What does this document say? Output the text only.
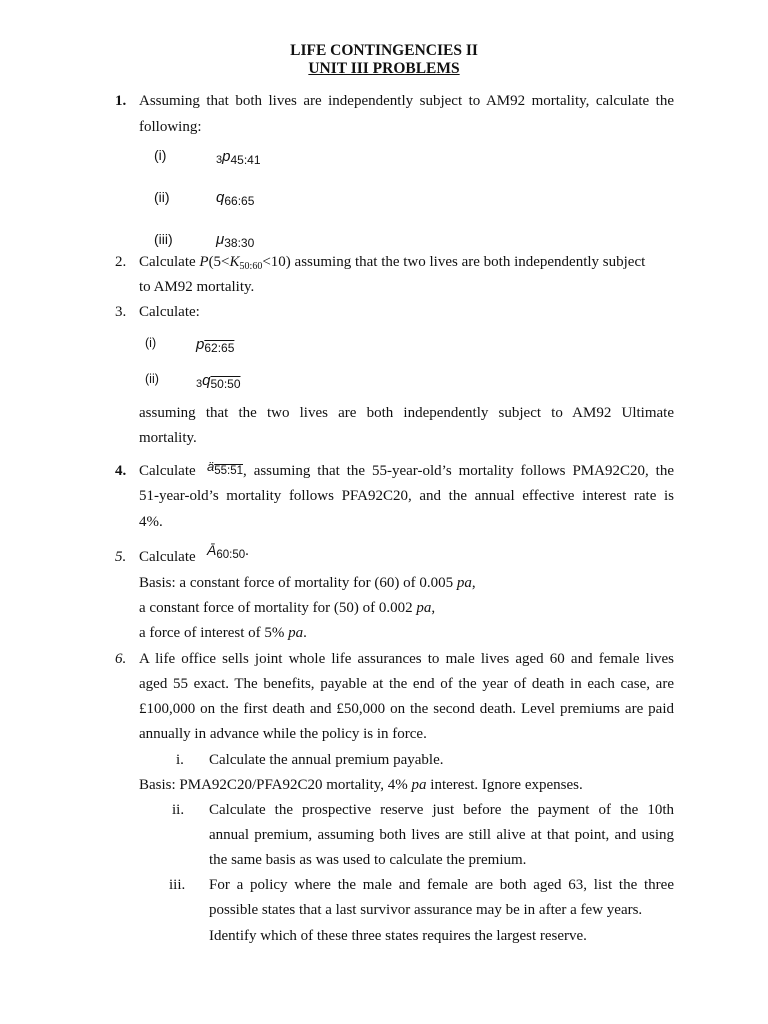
LIFE CONTINGENCIES II
UNIT III PROBLEMS
1. Assuming that both lives are independently subject to AM92 mortality, calculate the
following:
(i)	$3p_{45:41}$
(ii)	$q_{66:65}$
(iii)	$\mu_{38:30}$
2. Calculate $P(5<K_{50:60}<10)$ assuming that the two lives are both independently subject
to AM92 mortality.
3. Calculate:
(i)	$p_{62:65}$
(ii)	$3q_{50:50}$
assuming that the two lives are both independently subject to AM92 Ultimate
mortality.
4. Calculate $ä_{55:51}$ , assuming that the 55-year-old’s mortality follows PMA92C20, the
51-year-old’s mortality follows PFA92C20, and the annual effective interest rate is
4%.
5. Calculate $Ā_{60:50}$.
Basis: a constant force of mortality for (60) of 0.005 pa,
a constant force of mortality for (50) of 0.002 pa,
a force of interest of 5% pa.
6. A life office sells joint whole life assurances to male lives aged 60 and female lives
aged 55 exact. The benefits, payable at the end of the year of death in each case, are
£100,000 on the first death and £50,000 on the second death. Level premiums are paid
annually in advance while the policy is in force.
i. Calculate the annual premium payable.
Basis: PMA92C20/PFA92C20 mortality, 4% pa interest. Ignore expenses.
ii. Calculate the prospective reserve just before the payment of the 10th
annual premium, assuming both lives are still alive at that point, and using
the same basis as was used to calculate the premium.
iii. For a policy where the male and female are both aged 63, list the three
possible states that a last survivor assurance may be in after a few years.
Identify which of these three states requires the largest reserve.
